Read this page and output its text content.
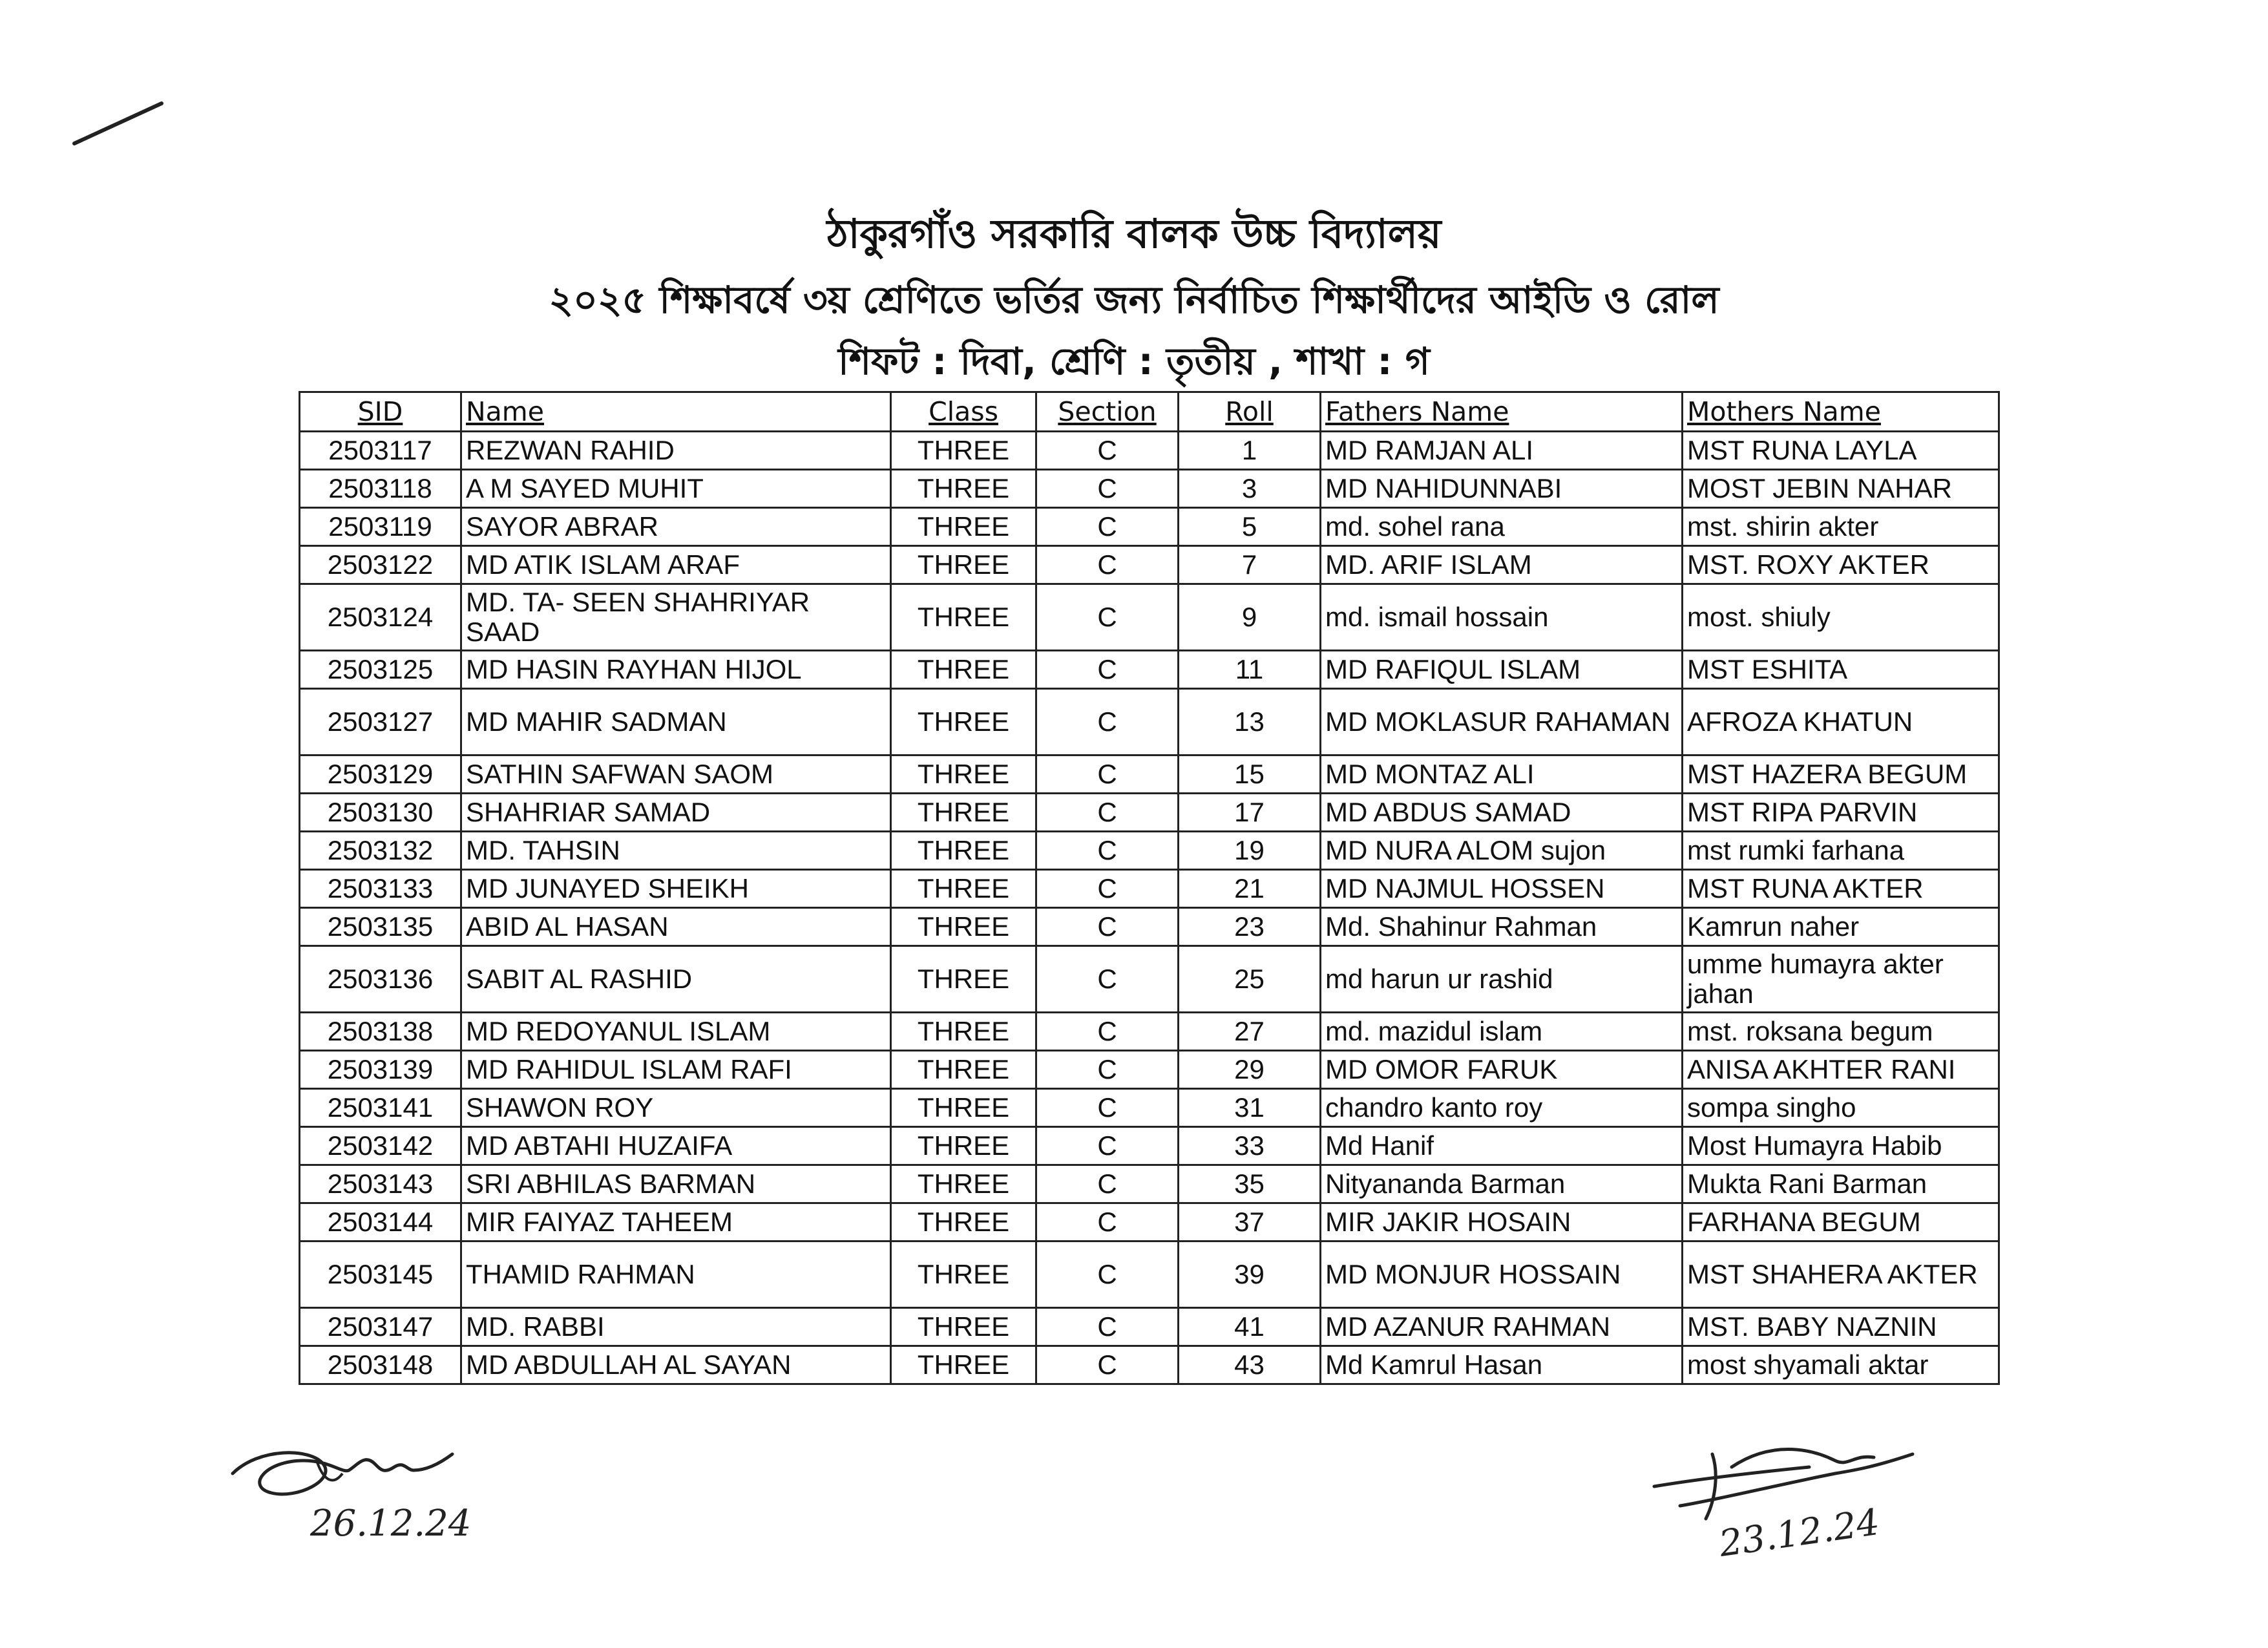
ঠাকুরগাঁও সরকারি বালক উচ্চ বিদ্যালয়
২০২৫ শিক্ষাবর্ষে ৩য় শ্রেণিতে ভর্তির জন্য নির্বাচিত শিক্ষার্থীদের আইডি ও রোল
শিফট : দিবা, শ্রেণি : তৃতীয় , শাখা : গ
SID	Name	Class	Section	Roll	Fathers Name	Mothers Name
2503117	REZWAN RAHID	THREE	C	1	MD RAMJAN ALI	MST RUNA LAYLA
2503118	A M SAYED MUHIT	THREE	C	3	MD NAHIDUNNABI	MOST JEBIN NAHAR
2503119	SAYOR ABRAR	THREE	C	5	md. sohel rana	mst. shirin akter
2503122	MD ATIK ISLAM ARAF	THREE	C	7	MD. ARIF ISLAM	MST. ROXY AKTER
2503124	MD. TA- SEEN SHAHRIYAR SAAD	THREE	C	9	md. ismail hossain	most. shiuly
2503125	MD HASIN RAYHAN HIJOL	THREE	C	11	MD RAFIQUL ISLAM	MST ESHITA
2503127	MD MAHIR SADMAN	THREE	C	13	MD MOKLASUR RAHAMAN	AFROZA KHATUN
2503129	SATHIN SAFWAN SAOM	THREE	C	15	MD MONTAZ ALI	MST HAZERA BEGUM
2503130	SHAHRIAR SAMAD	THREE	C	17	MD ABDUS SAMAD	MST RIPA PARVIN
2503132	MD. TAHSIN	THREE	C	19	MD NURA ALOM sujon	mst rumki farhana
2503133	MD JUNAYED SHEIKH	THREE	C	21	MD NAJMUL HOSSEN	MST RUNA AKTER
2503135	ABID AL HASAN	THREE	C	23	Md. Shahinur Rahman	Kamrun naher
2503136	SABIT AL RASHID	THREE	C	25	md harun ur rashid	umme humayra akter jahan
2503138	MD REDOYANUL ISLAM	THREE	C	27	md. mazidul islam	mst. roksana begum
2503139	MD RAHIDUL ISLAM RAFI	THREE	C	29	MD OMOR FARUK	ANISA AKHTER RANI
2503141	SHAWON ROY	THREE	C	31	chandro kanto roy	sompa singho
2503142	MD ABTAHI HUZAIFA	THREE	C	33	Md Hanif	Most Humayra Habib
2503143	SRI ABHILAS BARMAN	THREE	C	35	Nityananda Barman	Mukta Rani Barman
2503144	MIR FAIYAZ TAHEEM	THREE	C	37	MIR JAKIR HOSAIN	FARHANA BEGUM
2503145	THAMID RAHMAN	THREE	C	39	MD MONJUR HOSSAIN	MST SHAHERA AKTER
2503147	MD. RABBI	THREE	C	41	MD AZANUR RAHMAN	MST. BABY NAZNIN
2503148	MD ABDULLAH AL SAYAN	THREE	C	43	Md Kamrul Hasan	most shyamali aktar
26.12.24	23.12.24
